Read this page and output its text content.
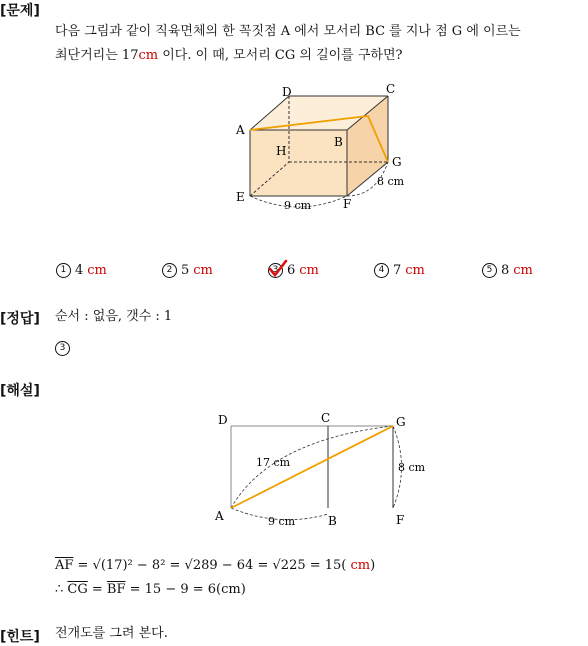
[문제]
다음 그림과 같이 직육면체의 한 꼭짓점 A 에서 모서리 BC 를 지나 점 G 에 이르는
최단거리는 17cm 이다. 이 때, 모서리 CG 의 길이를 구하면?
A
B
C
D
E	F
G
H
9 cm
8 cm
1 4 cm	2 5 cm	3 6 cm	4 7 cm	5 8 cm
[정답] 순서 : 없음, 갯수 : 1
3
[해설]
D	C	G
A	B	F
17 cm
9 cm
8 cm
$\overline{AF} = √(17)^2 - 8^2 = √289 - 64 = √225 = 15$( cm)
∴ $\overline{CG} = \overline{BF} = 15 - 9 = 6(cm)$
[힌트] 전개도를 그려 본다.
